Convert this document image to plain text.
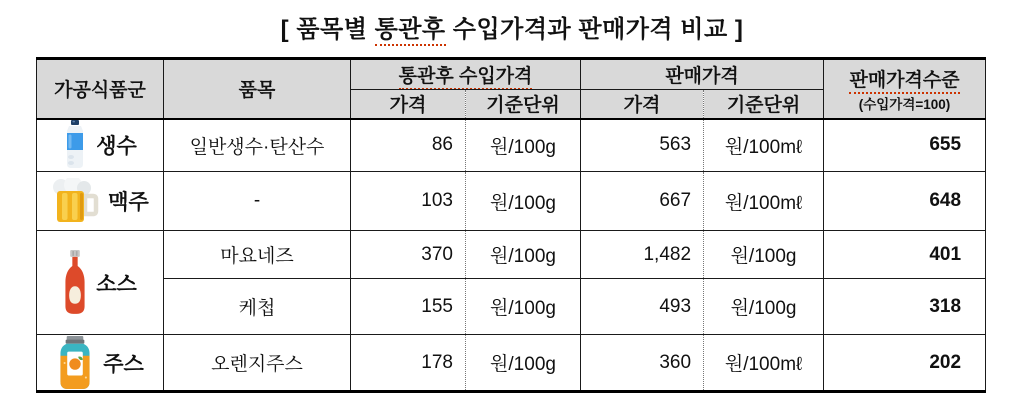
[ 품목별 통관후 수입가격과 판매가격 비교 ]
가공식품군	품목	통관후 수입가격		판매가격		판매가격수준
(수입가격=100)

		가격	기준단위	가격	기준단위	

생수	일반생수·탄산수	86	원/100g	563	원/100mℓ	655

맥주	-	103	원/100g	667	원/100mℓ	648

소스	마요네즈	370	원/100g	1,482	원/100g	401
	케첩	155	원/100g	493	원/100g	318

주스	오렌지주스	178	원/100g	360	원/100mℓ	202
